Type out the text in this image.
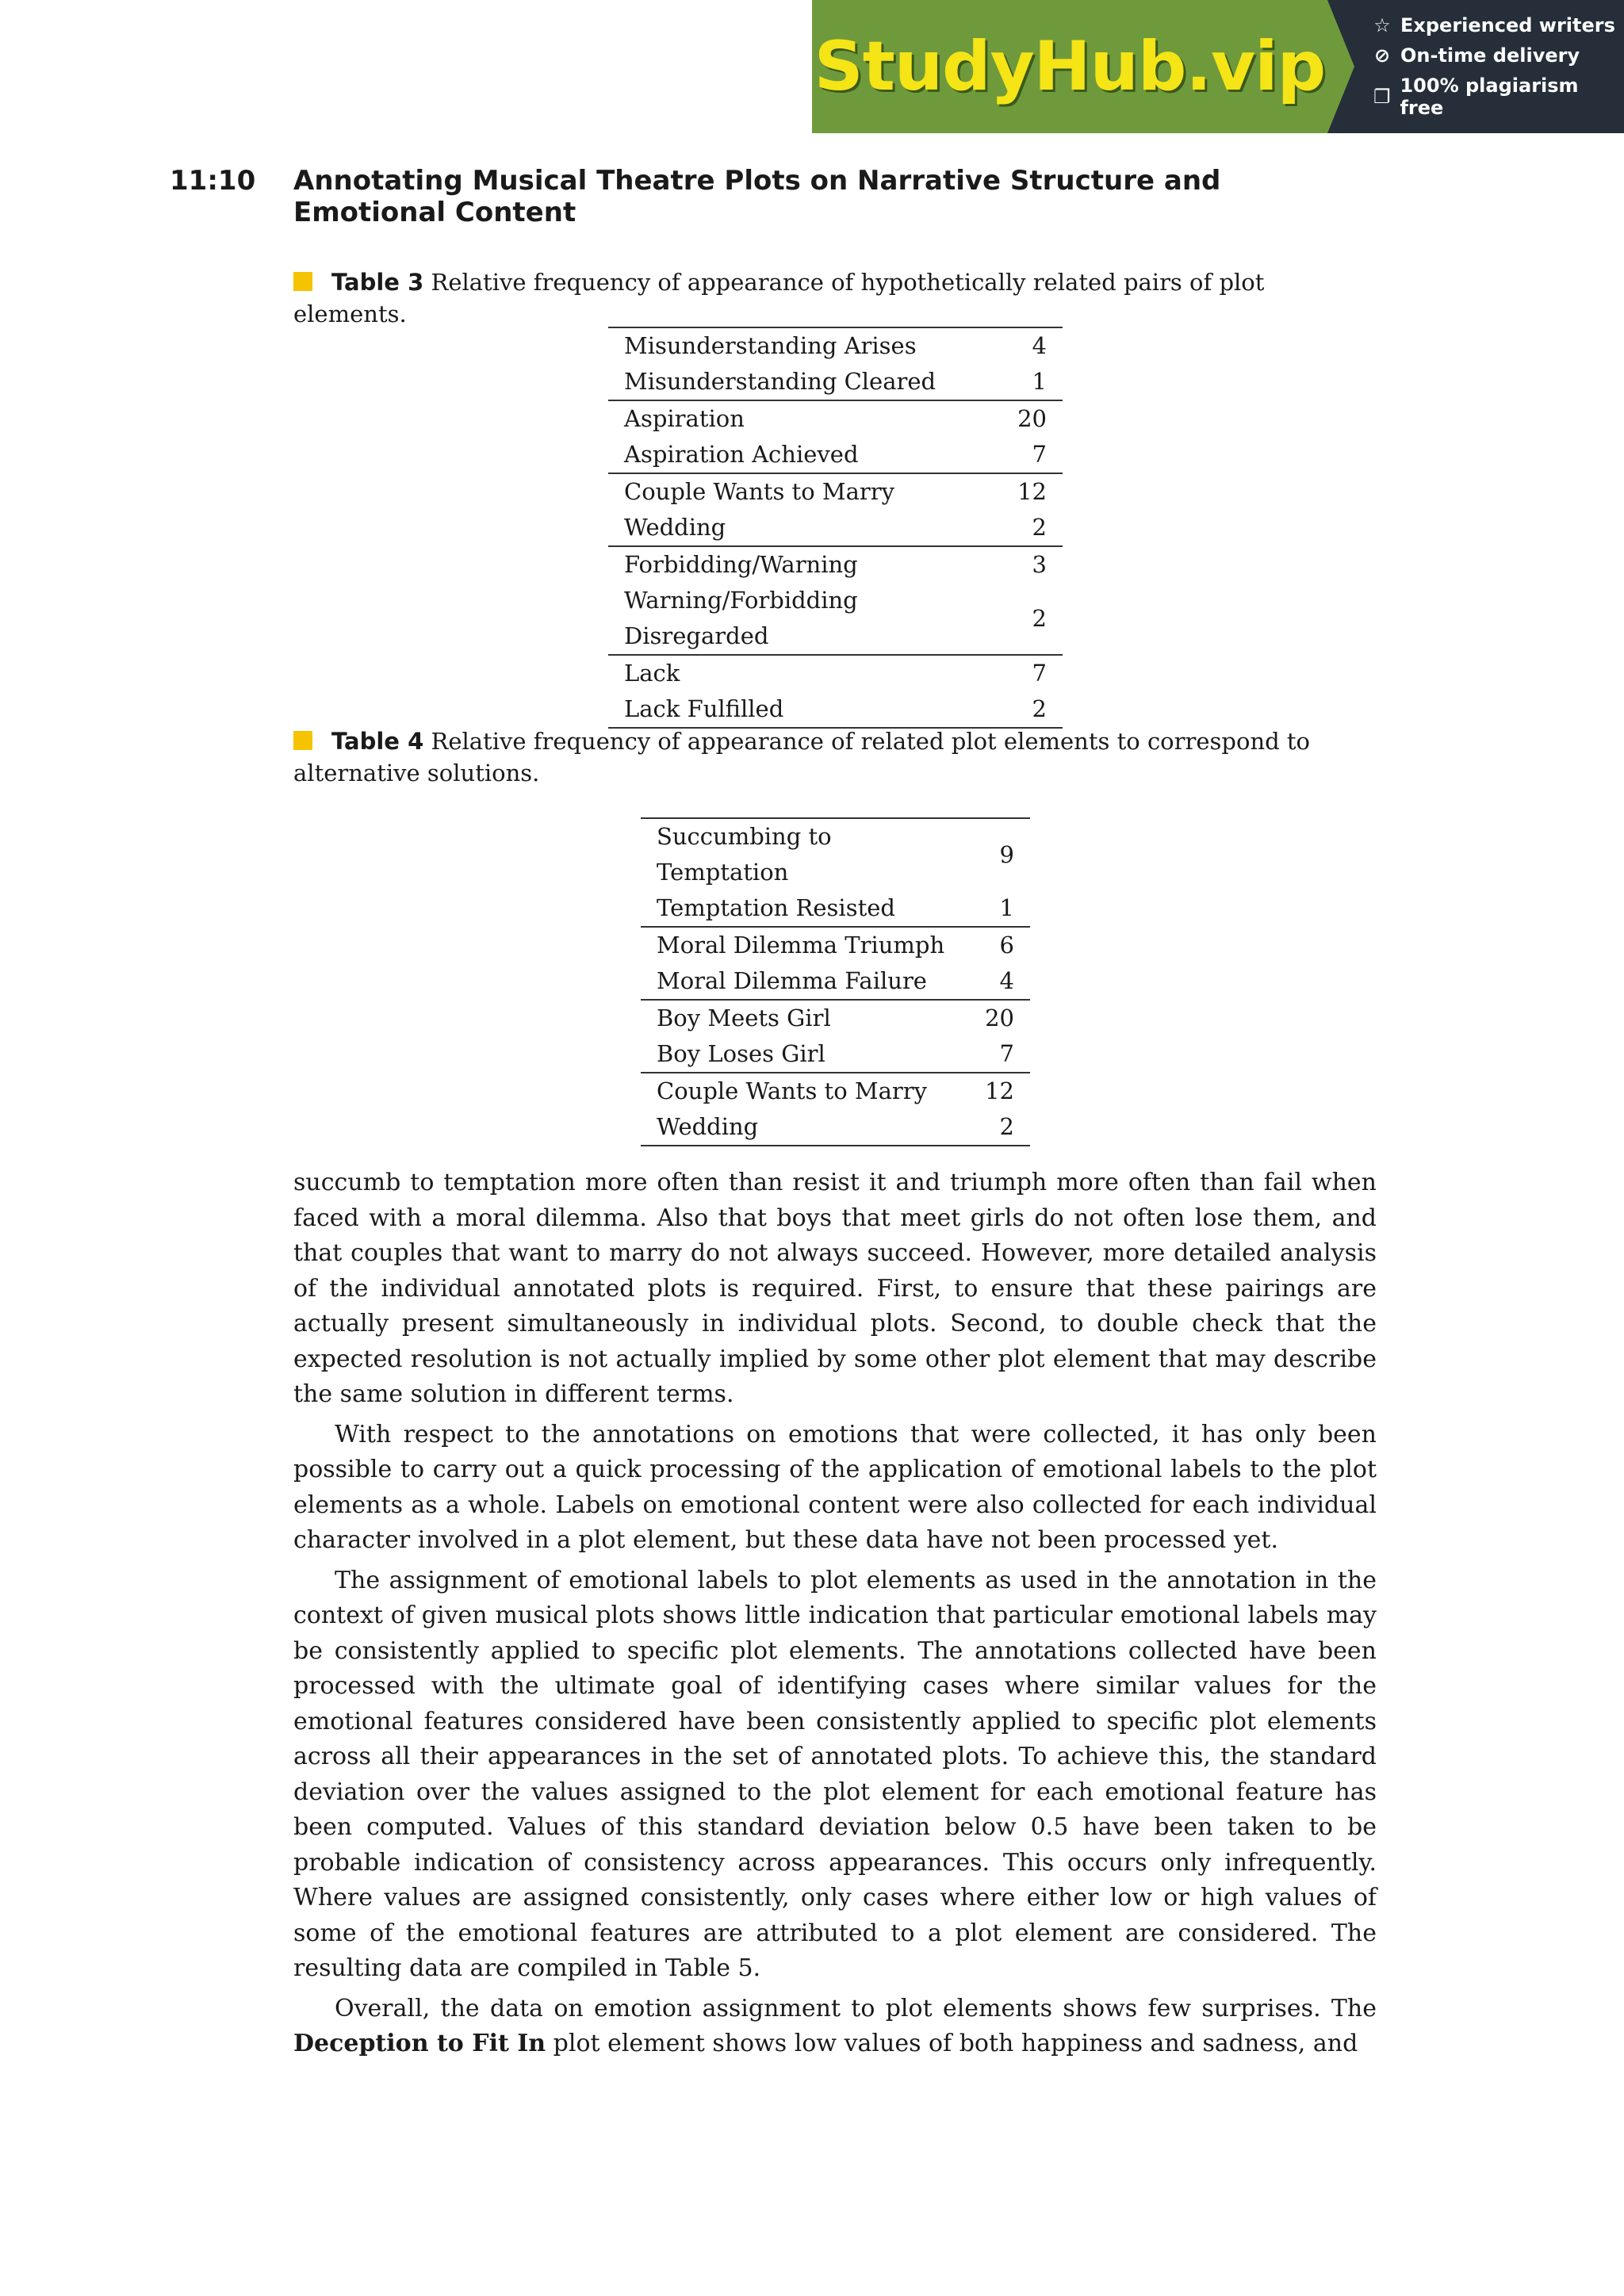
StudyHub.vip
☆ Experienced writers
⊘ On-time delivery
❐ 100% plagiarism free
11:10	Annotating Musical Theatre Plots on Narrative Structure and Emotional Content
Table 3 Relative frequency of appearance of hypothetically related pairs of plot elements.
Misunderstanding Arises	4
Misunderstanding Cleared	1
Aspiration	20
Aspiration Achieved	7
Couple Wants to Marry	12
Wedding	2
Forbidding/Warning	3
Warning/Forbidding Disregarded	2
Lack	7
Lack Fulfilled	2
Table 4 Relative frequency of appearance of related plot elements to correspond to alternative solutions.
Succumbing to Temptation	9
Temptation Resisted	1
Moral Dilemma Triumph	6
Moral Dilemma Failure	4
Boy Meets Girl	20
Boy Loses Girl	7
Couple Wants to Marry	12
Wedding	2

succumb to temptation more often than resist it and triumph more often than fail when faced with a moral dilemma. Also that boys that meet girls do not often lose them, and that couples that want to marry do not always succeed. However, more detailed analysis of the individual annotated plots is required. First, to ensure that these pairings are actually present simultaneously in individual plots. Second, to double check that the expected resolution is not actually implied by some other plot element that may describe the same solution in different terms.

With respect to the annotations on emotions that were collected, it has only been possible to carry out a quick processing of the application of emotional labels to the plot elements as a whole. Labels on emotional content were also collected for each individual character involved in a plot element, but these data have not been processed yet.

The assignment of emotional labels to plot elements as used in the annotation in the context of given musical plots shows little indication that particular emotional labels may be consistently applied to specific plot elements. The annotations collected have been processed with the ultimate goal of identifying cases where similar values for the emotional features considered have been consistently applied to specific plot elements across all their appearances in the set of annotated plots. To achieve this, the standard deviation over the values assigned to the plot element for each emotional feature has been computed. Values of this standard deviation below 0.5 have been taken to be probable indication of consistency across appearances. This occurs only infrequently. Where values are assigned consistently, only cases where either low or high values of some of the emotional features are attributed to a plot element are considered. The resulting data are compiled in Table 5.

Overall, the data on emotion assignment to plot elements shows few surprises. The Deception to Fit In plot element shows low values of both happiness and sadness, and
